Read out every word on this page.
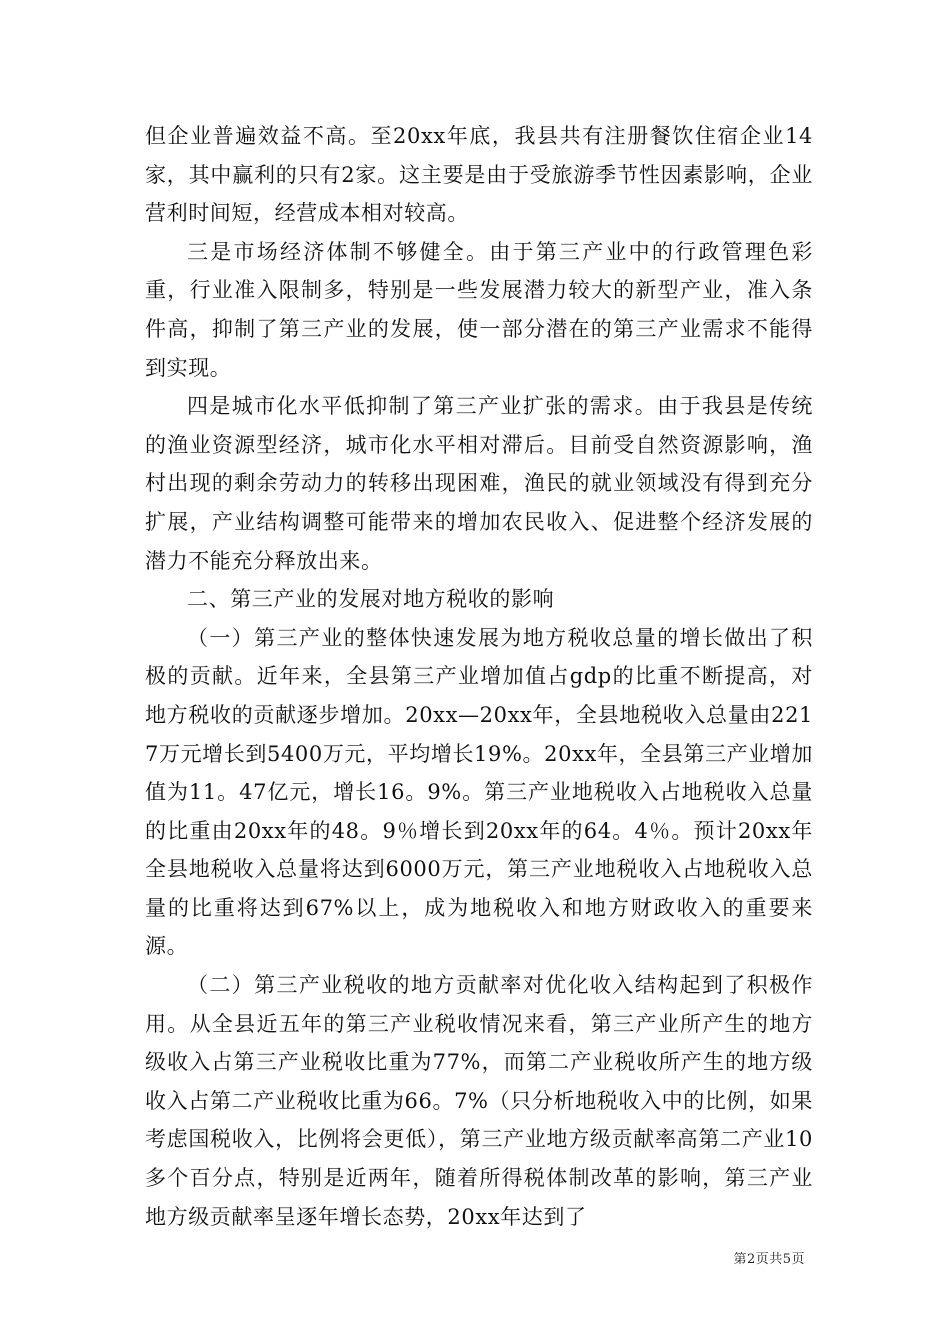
但企业普遍效益不高。至20xx年底，我县共有注册餐饮住宿企业14家，其中赢利的只有2家。这主要是由于受旅游季节性因素影响，企业营利时间短，经营成本相对较高。

三是市场经济体制不够健全。由于第三产业中的行政管理色彩重，行业准入限制多，特别是一些发展潜力较大的新型产业，准入条件高，抑制了第三产业的发展，使一部分潜在的第三产业需求不能得到实现。

四是城市化水平低抑制了第三产业扩张的需求。由于我县是传统的渔业资源型经济，城市化水平相对滞后。目前受自然资源影响，渔村出现的剩余劳动力的转移出现困难，渔民的就业领域没有得到充分扩展，产业结构调整可能带来的增加农民收入、促进整个经济发展的潜力不能充分释放出来。

二、第三产业的发展对地方税收的影响

（一）第三产业的整体快速发展为地方税收总量的增长做出了积极的贡献。近年来，全县第三产业增加值占gdp的比重不断提高，对地方税收的贡献逐步增加。20xx—20xx年，全县地税收入总量由2217万元增长到5400万元，平均增长19%。20xx年，全县第三产业增加值为11。47亿元，增长16。9%。第三产业地税收入占地税收入总量的比重由20xx年的48。9％增长到20xx年的64。4％。预计20xx年全县地税收入总量将达到6000万元，第三产业地税收入占地税收入总量的比重将达到67%以上，成为地税收入和地方财政收入的重要来源。

（二）第三产业税收的地方贡献率对优化收入结构起到了积极作用。从全县近五年的第三产业税收情况来看，第三产业所产生的地方级收入占第三产业税收比重为77%，而第二产业税收所产生的地方级收入占第二产业税收比重为66。7%（只分析地税收入中的比例，如果考虑国税收入，比例将会更低），第三产业地方级贡献率高第二产业10多个百分点，特别是近两年，随着所得税体制改革的影响，第三产业地方级贡献率呈逐年增长态势，20xx年达到了

第2页共5页
